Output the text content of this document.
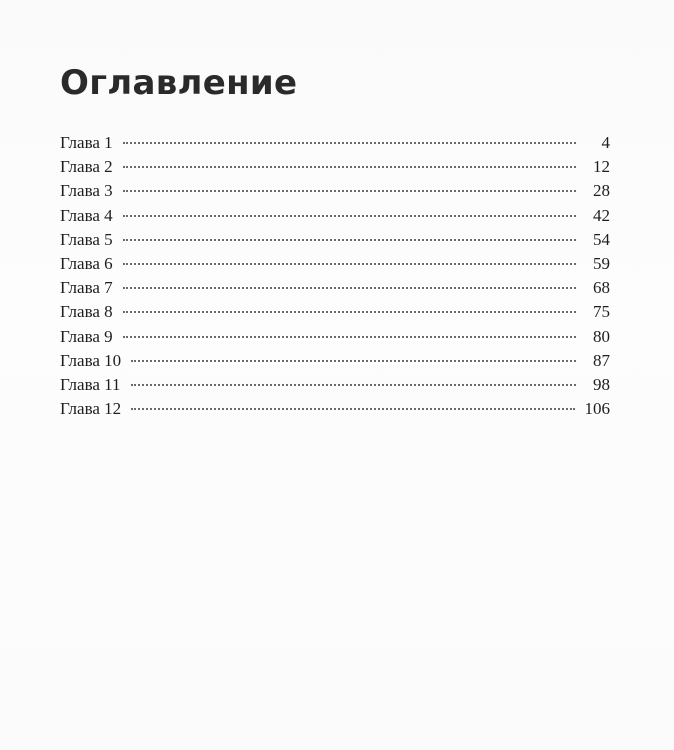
Оглавление
Глава 1	4
Глава 2	12
Глава 3	28
Глава 4	42
Глава 5	54
Глава 6	59
Глава 7	68
Глава 8	75
Глава 9	80
Глава 10	87
Глава 11	98
Глава 12	106
